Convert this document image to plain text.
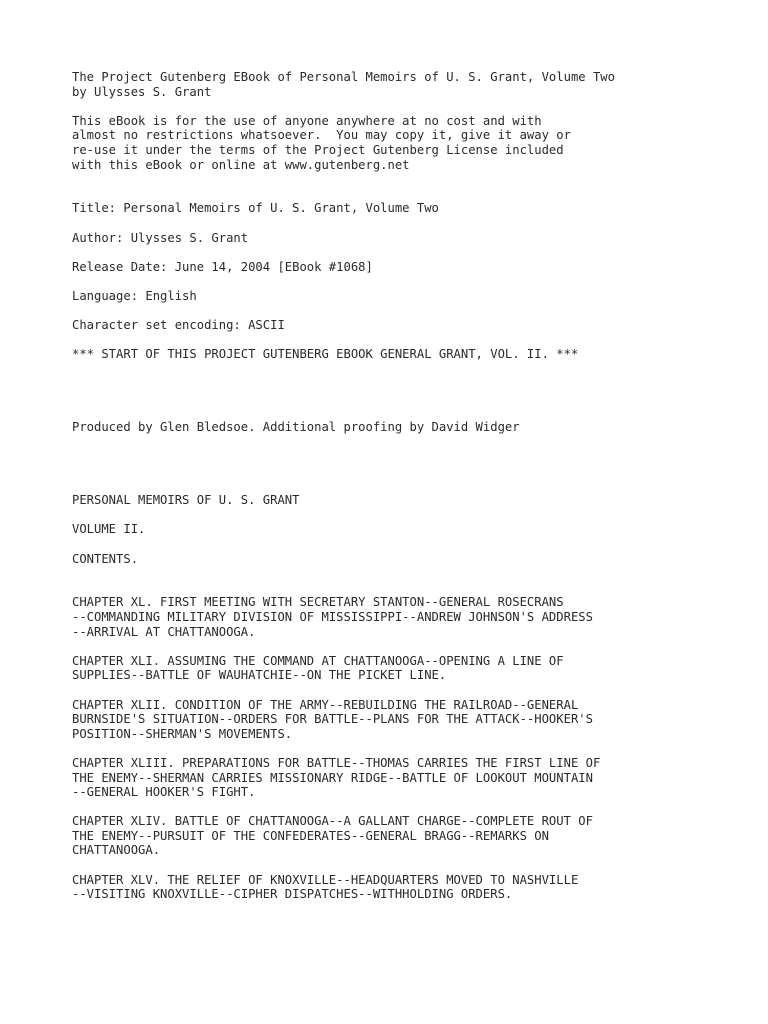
The Project Gutenberg EBook of Personal Memoirs of U. S. Grant, Volume Two
by Ulysses S. Grant
This eBook is for the use of anyone anywhere at no cost and with
almost no restrictions whatsoever.  You may copy it, give it away or
re-use it under the terms of the Project Gutenberg License included
with this eBook or online at www.gutenberg.net
Title: Personal Memoirs of U. S. Grant, Volume Two
Author: Ulysses S. Grant
Release Date: June 14, 2004 [EBook #1068]
Language: English
Character set encoding: ASCII
*** START OF THIS PROJECT GUTENBERG EBOOK GENERAL GRANT, VOL. II. ***
Produced by Glen Bledsoe. Additional proofing by David Widger
PERSONAL MEMOIRS OF U. S. GRANT
VOLUME II.
CONTENTS.
CHAPTER XL. FIRST MEETING WITH SECRETARY STANTON--GENERAL ROSECRANS
--COMMANDING MILITARY DIVISION OF MISSISSIPPI--ANDREW JOHNSON'S ADDRESS
--ARRIVAL AT CHATTANOOGA.
CHAPTER XLI. ASSUMING THE COMMAND AT CHATTANOOGA--OPENING A LINE OF
SUPPLIES--BATTLE OF WAUHATCHIE--ON THE PICKET LINE.
CHAPTER XLII. CONDITION OF THE ARMY--REBUILDING THE RAILROAD--GENERAL
BURNSIDE'S SITUATION--ORDERS FOR BATTLE--PLANS FOR THE ATTACK--HOOKER'S
POSITION--SHERMAN'S MOVEMENTS.
CHAPTER XLIII. PREPARATIONS FOR BATTLE--THOMAS CARRIES THE FIRST LINE OF
THE ENEMY--SHERMAN CARRIES MISSIONARY RIDGE--BATTLE OF LOOKOUT MOUNTAIN
--GENERAL HOOKER'S FIGHT.
CHAPTER XLIV. BATTLE OF CHATTANOOGA--A GALLANT CHARGE--COMPLETE ROUT OF
THE ENEMY--PURSUIT OF THE CONFEDERATES--GENERAL BRAGG--REMARKS ON
CHATTANOOGA.
CHAPTER XLV. THE RELIEF OF KNOXVILLE--HEADQUARTERS MOVED TO NASHVILLE
--VISITING KNOXVILLE--CIPHER DISPATCHES--WITHHOLDING ORDERS.
